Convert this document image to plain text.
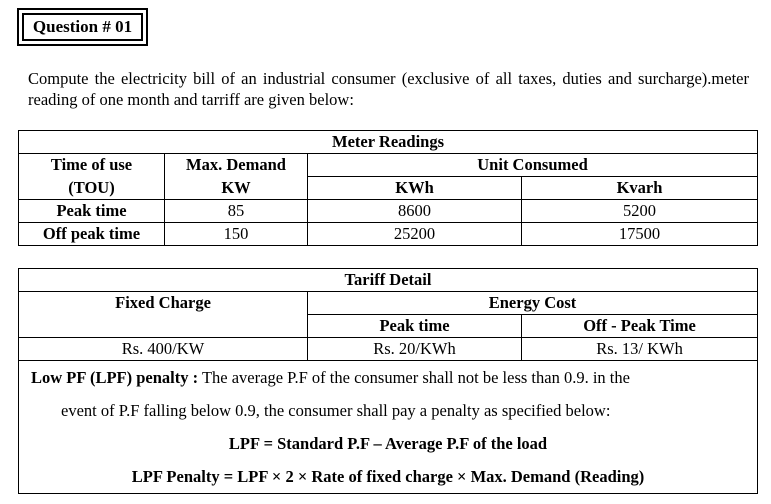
Question # 01
Compute the electricity bill of an industrial consumer (exclusive of all taxes, duties and surcharge).meter reading of one month and tarriff are given below:
Meter Readings			
Time of use	Max. Demand	Unit Consumed	
(TOU)	KW	KWh	Kvarh
Peak time	85	8600	5200
Off peak time	150	25200	17500
Tariff Detail		
Fixed Charge	Energy Cost	
	Peak time	Off - Peak Time
Rs. 400/KW	Rs. 20/KWh	Rs. 13/ KWh

Low PF (LPF) penalty : The average P.F of the consumer shall not be less than 0.9. in the
event of P.F falling below 0.9, the consumer shall pay a penalty as specified below:
LPF = Standard P.F – Average P.F of the load
LPF Penalty = LPF × 2 × Rate of fixed charge × Max. Demand (Reading)		
